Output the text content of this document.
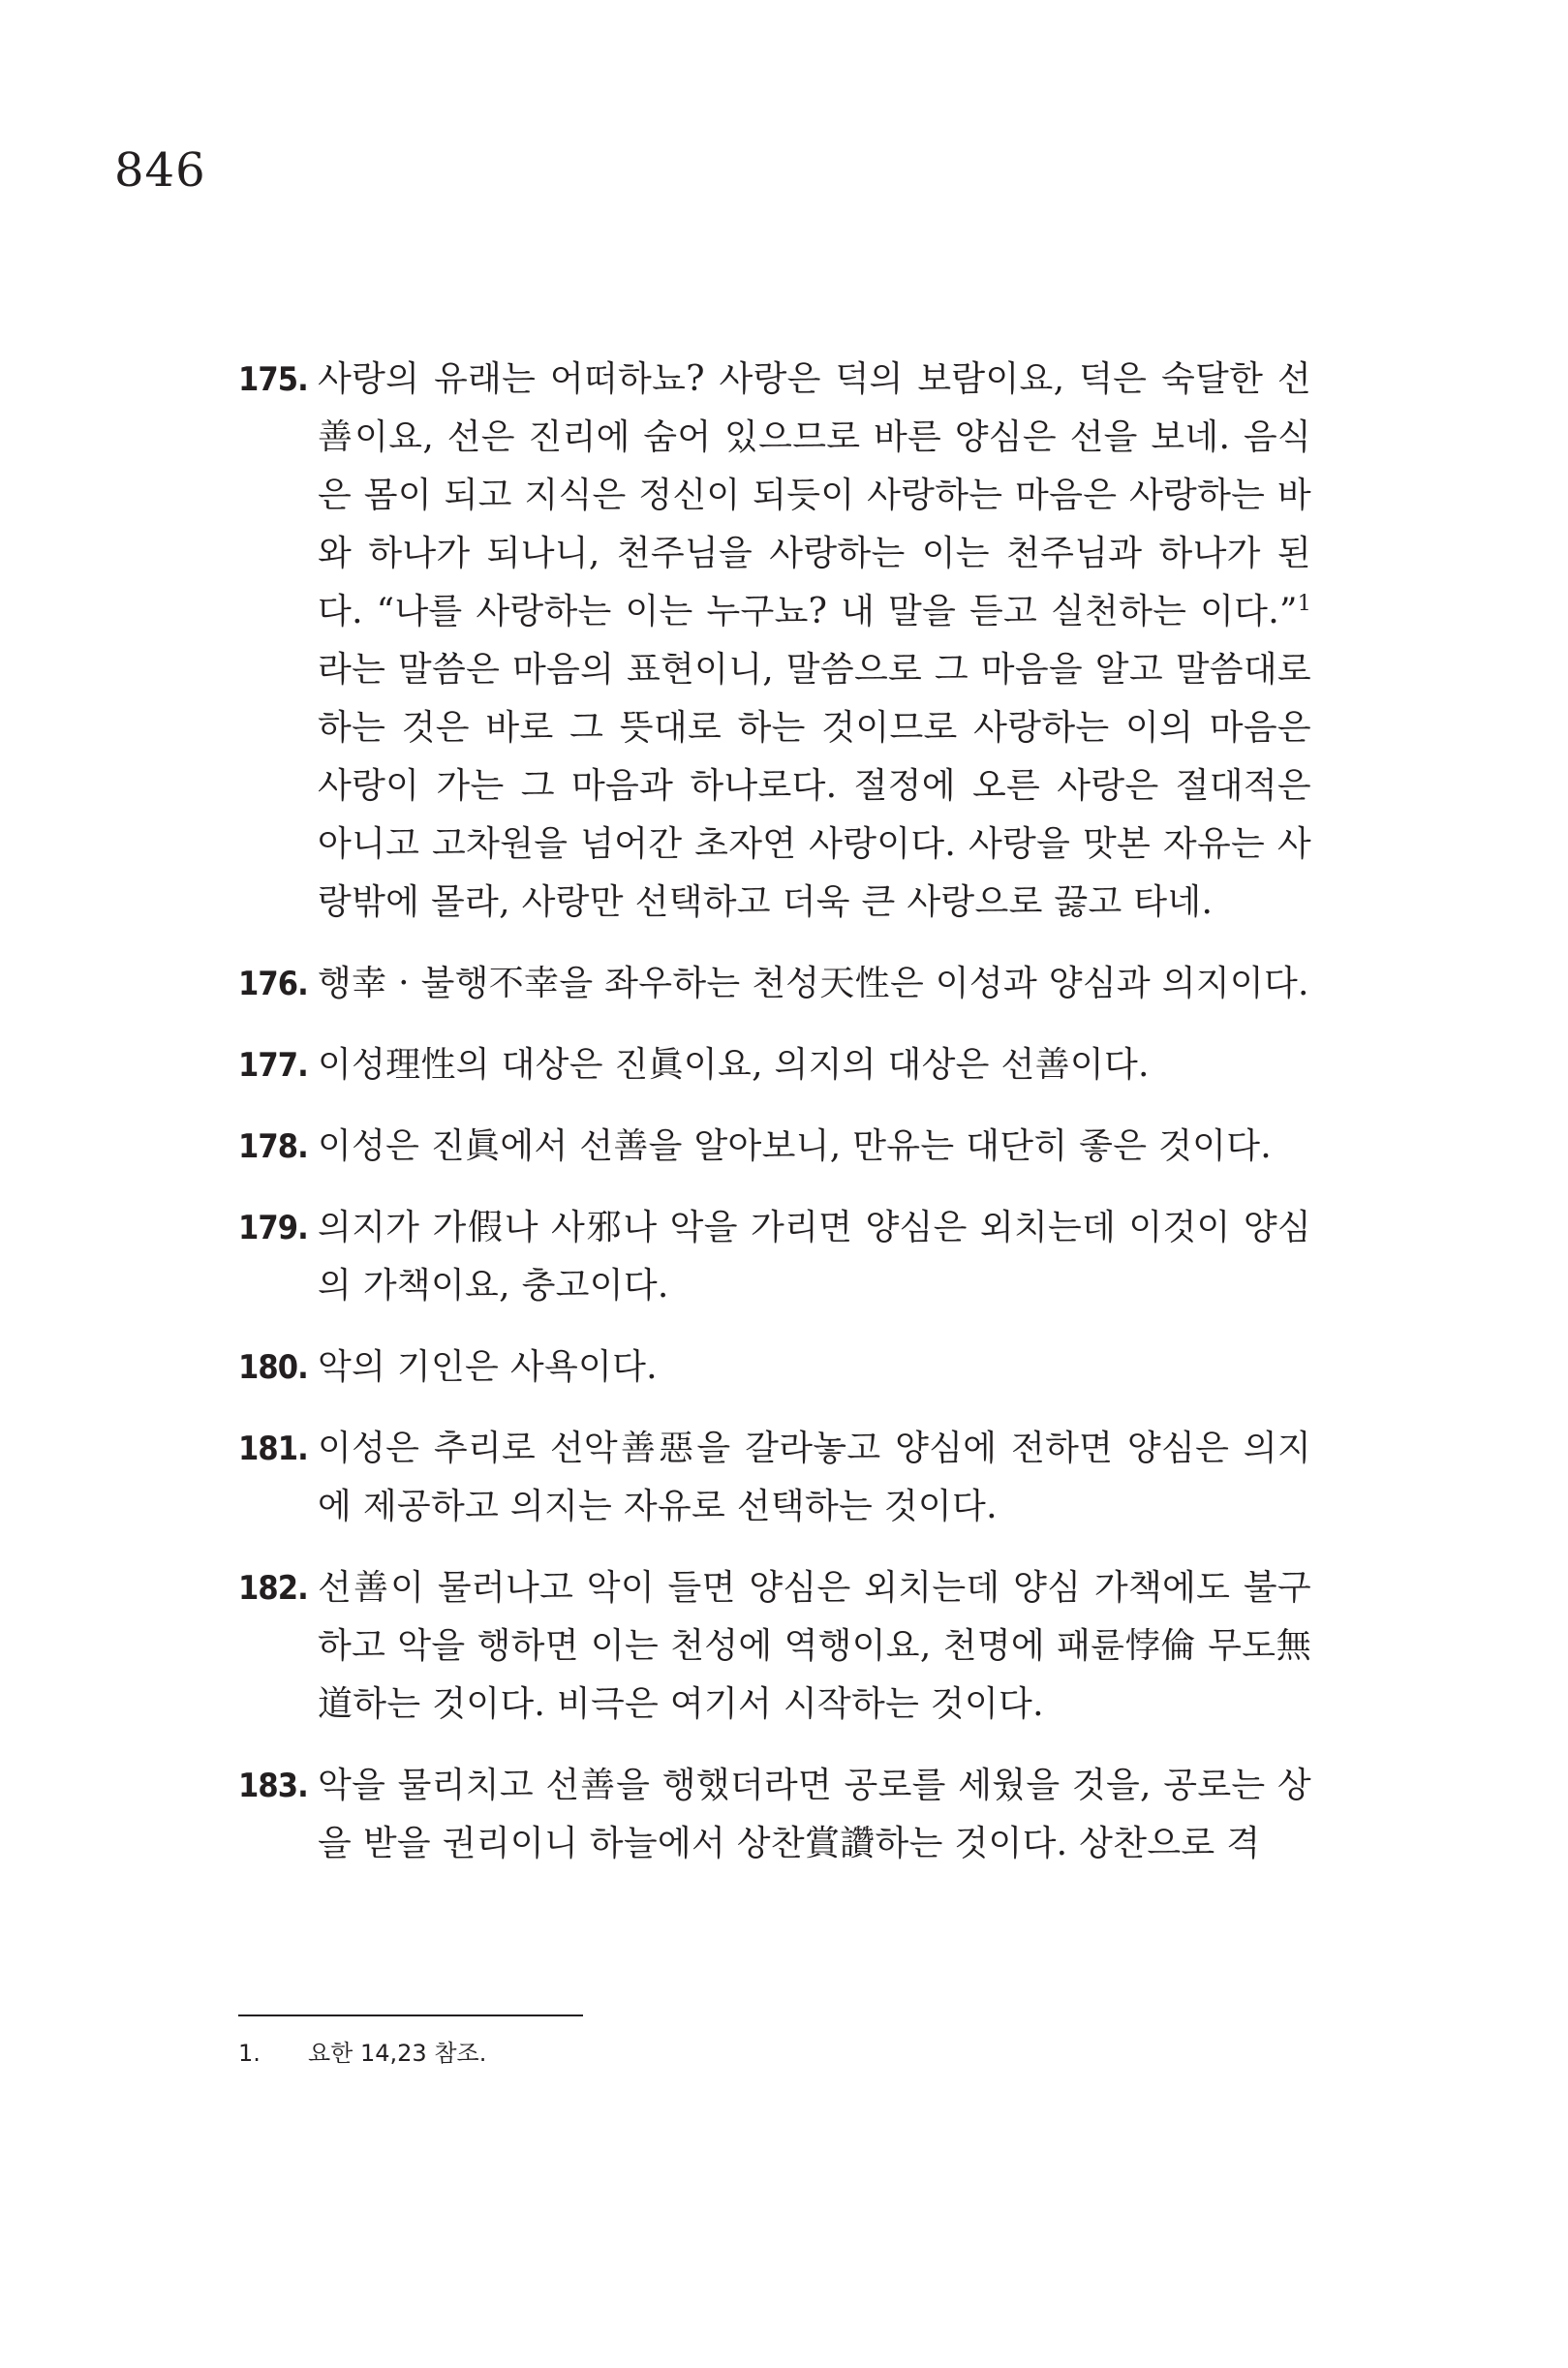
846
175. 사랑의 유래는 어떠하뇨? 사랑은 덕의 보람이요, 덕은 숙달한 선善이요, 선은 진리에 숨어 있으므로 바른 양심은 선을 보네. 음식은 몸이 되고 지식은 정신이 되듯이 사랑하는 마음은 사랑하는 바와 하나가 되나니, 천주님을 사랑하는 이는 천주님과 하나가 된다. “나를 사랑하는 이는 누구뇨? 내 말을 듣고 실천하는 이다.”$^1$라는 말씀은 마음의 표현이니, 말씀으로 그 마음을 알고 말씀대로 하는 것은 바로 그 뜻대로 하는 것이므로 사랑하는 이의 마음은 사랑이 가는 그 마음과 하나로다. 절정에 오른 사랑은 절대적은 아니고 고차원을 넘어간 초자연 사랑이다. 사랑을 맛본 자유는 사랑밖에 몰라, 사랑만 선택하고 더욱 큰 사랑으로 끓고 타네.
176. 행幸 · 불행不幸을 좌우하는 천성天性은 이성과 양심과 의지이다.
177. 이성理性의 대상은 진眞이요, 의지의 대상은 선善이다.
178. 이성은 진眞에서 선善을 알아보니, 만유는 대단히 좋은 것이다.
179. 의지가 가假나 사邪나 악을 가리면 양심은 외치는데 이것이 양심의 가책이요, 충고이다.
180. 악의 기인은 사욕이다.
181. 이성은 추리로 선악善惡을 갈라놓고 양심에 전하면 양심은 의지에 제공하고 의지는 자유로 선택하는 것이다.
182. 선善이 물러나고 악이 들면 양심은 외치는데 양심 가책에도 불구하고 악을 행하면 이는 천성에 역행이요, 천명에 패륜悖倫 무도無道하는 것이다. 비극은 여기서 시작하는 것이다.
183. 악을 물리치고 선善을 행했더라면 공로를 세웠을 것을, 공로는 상을 받을 권리이니 하늘에서 상찬賞讚하는 것이다. 상찬으로 격
1.	요한 14,23 참조.
